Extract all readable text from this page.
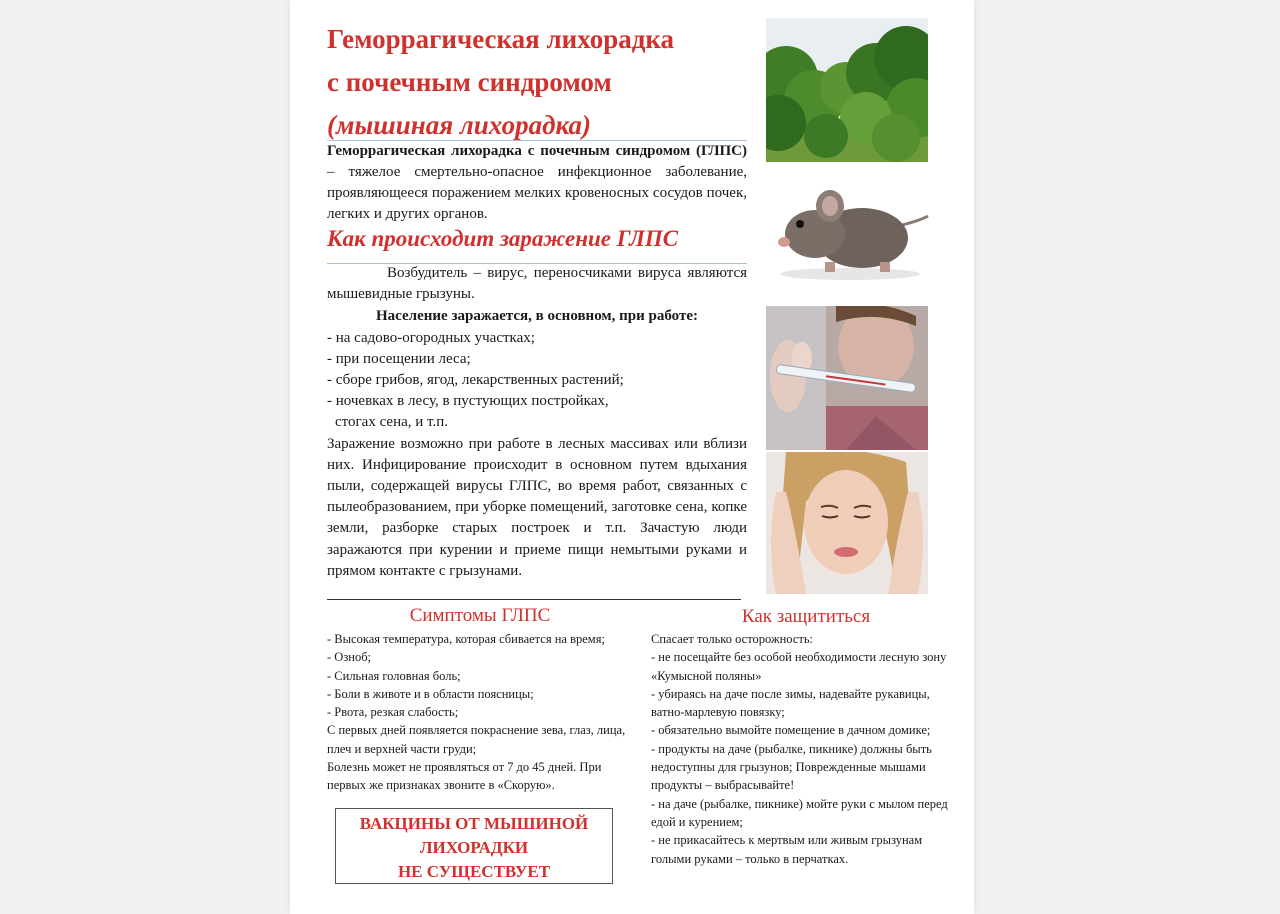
Геморрагическая лихорадка
с почечным синдромом
(мышиная лихорадка)
Геморрагическая лихорадка с почечным синдромом (ГЛПС) – тяжелое смертельно-опасное инфекционное заболевание, проявляющееся поражением мелких кровеносных сосудов почек, легких и других органов.
Как происходит заражение ГЛПС

Возбудитель – вирус, переносчиками вируса являются мышевидные грызуны.

Население заражается, в основном, при работе:

- на садово-огородных участках;

- при посещении леса;

- сборе грибов, ягод, лекарственных растений;

- ночевках в лесу, в пустующих постройках,

стогах сена, и т.п.

Заражение возможно при работе в лесных массивах или вблизи них. Инфицирование происходит в основном путем вдыхания пыли, содержащей вирусы ГЛПС, во время работ, связанных с пылеобразованием, при уборке помещений, заготовке сена, копке земли, разборке старых построек и т.п. Зачастую люди заражаются при курении и приеме пищи немытыми руками и прямом контакте с грызунами.

Симптомы ГЛПС

- Высокая температура, которая сбивается на время;

- Озноб;

- Сильная головная боль;

- Боли в животе и в области поясницы;

- Рвота, резкая слабость;

С первых дней появляется покраснение зева, глаз, лица, плеч и верхней части груди;

Болезнь может не проявляться от 7 до 45 дней. При первых же признаках звоните в «Скорую».

ВАКЦИНЫ ОТ МЫШИНОЙ
ЛИХОРАДКИ
НЕ СУЩЕСТВУЕТ
Как защититься

Спасает только осторожность:

- не посещайте без особой необходимости лесную зону «Кумысной поляны»

- убираясь на даче после зимы, надевайте рукавицы, ватно-марлевую повязку;

- обязательно вымойте помещение в дачном домике;

- продукты на даче (рыбалке, пикнике) должны быть недоступны для грызунов; Поврежденные мышами продукты – выбрасывайте!

- на даче (рыбалке, пикнике) мойте руки с мылом перед едой и курением;

- не прикасайтесь к мертвым или живым грызунам голыми руками – только в перчатках.
